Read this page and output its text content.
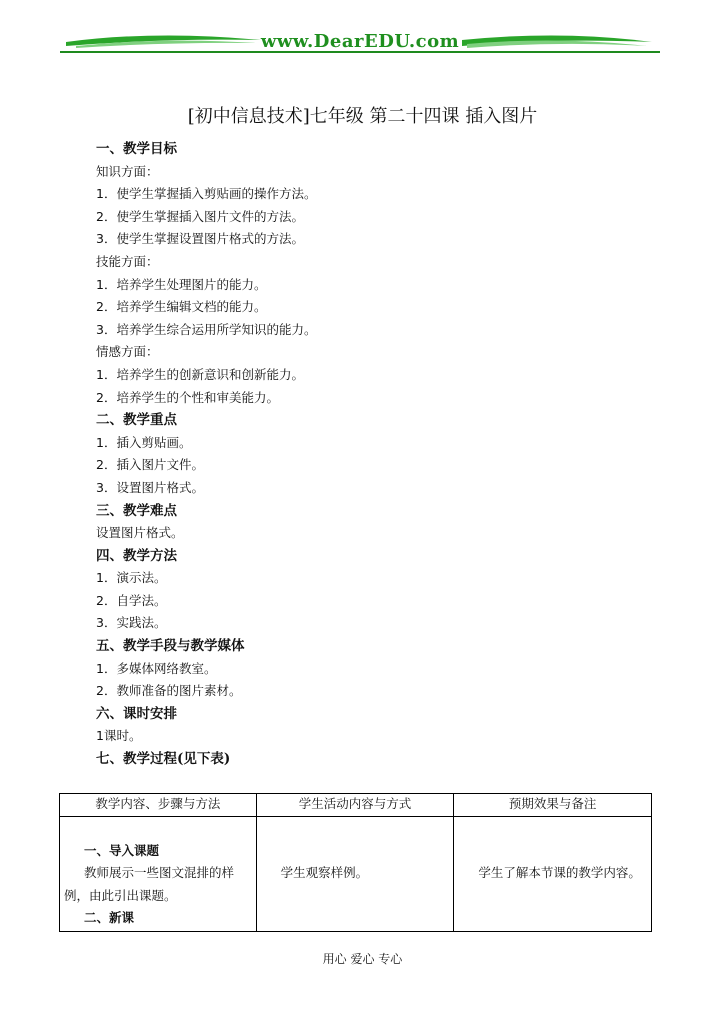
www.DearEDU.com
[初中信息技术]七年级 第二十四课 插入图片
一、教学目标
知识方面：
1．使学生掌握插入剪贴画的操作方法。
2．使学生掌握插入图片文件的方法。
3．使学生掌握设置图片格式的方法。
技能方面：
1．培养学生处理图片的能力。
2．培养学生编辑文档的能力。
3．培养学生综合运用所学知识的能力。
情感方面：
1．培养学生的创新意识和创新能力。
2．培养学生的个性和审美能力。
二、教学重点
1．插入剪贴画。
2．插入图片文件。
3．设置图片格式。
三、教学难点
设置图片格式。
四、教学方法
1．演示法。
2．自学法。
3．实践法。
五、教学手段与教学媒体
1．多媒体网络教室。
2．教师准备的图片素材。
六、课时安排
1课时。
七、教学过程(见下表)
教学内容、步骤与方法	学生活动内容与方式	预期效果与备注

一、导入课题
教师展示一些图文混排的样例，由此引出课题。
二、新课	学生观察样例。	学生了解本节课的教学内容。
用心 爱心 专心
